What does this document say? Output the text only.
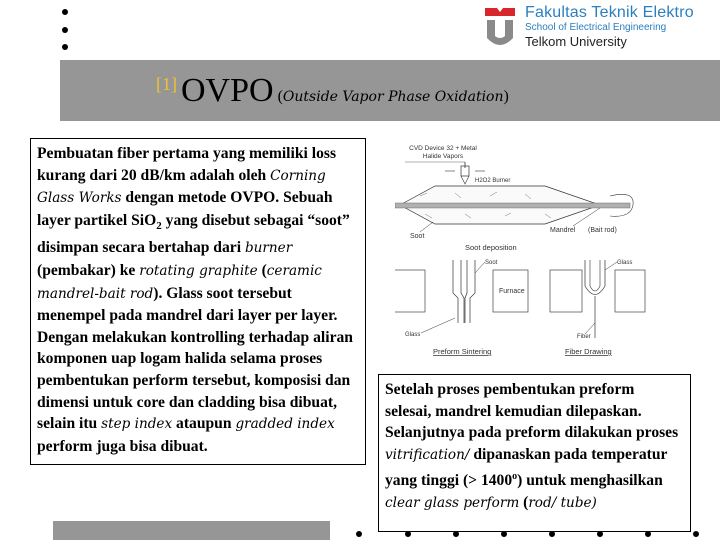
Fakultas Teknik Elektro
School of Electrical Engineering
Telkom University
[1] OVPO (Outside Vapor Phase Oxidation)

Pembuatan fiber pertama yang memiliki loss kurang dari 20 dB/km adalah oleh Corning Glass Works dengan metode OVPO. Sebuah layer partikel SiO$_2$ yang disebut sebagai “soot” disimpan secara bertahap dari burner (pembakar) ke rotating graphite (ceramic mandrel-bait rod). Glass soot tersebut menempel pada mandrel dari layer per layer. Dengan melakukan kontrolling terhadap aliran komponen uap logam halida selama proses pembentukan perform tersebut, komposisi dan dimensi untuk core dan cladding bisa dibuat, selain itu step index ataupun gradded index perform juga bisa dibuat.

CVD Device 32 + Metal
Halide Vapors
H2O2 Burner
Soot
Mandrel (Bait rod)
Soot deposition
Soot
Furnace
Glass
Preform Sintering
Glass
Fiber
Fiber Drawing

Setelah proses pembentukan preform selesai, mandrel kemudian dilepaskan. Selanjutnya pada preform dilakukan proses vitrification/ dipanaskan pada temperatur yang tinggi (> $1400^o$) untuk menghasilkan clear glass perform (rod/ tube)
